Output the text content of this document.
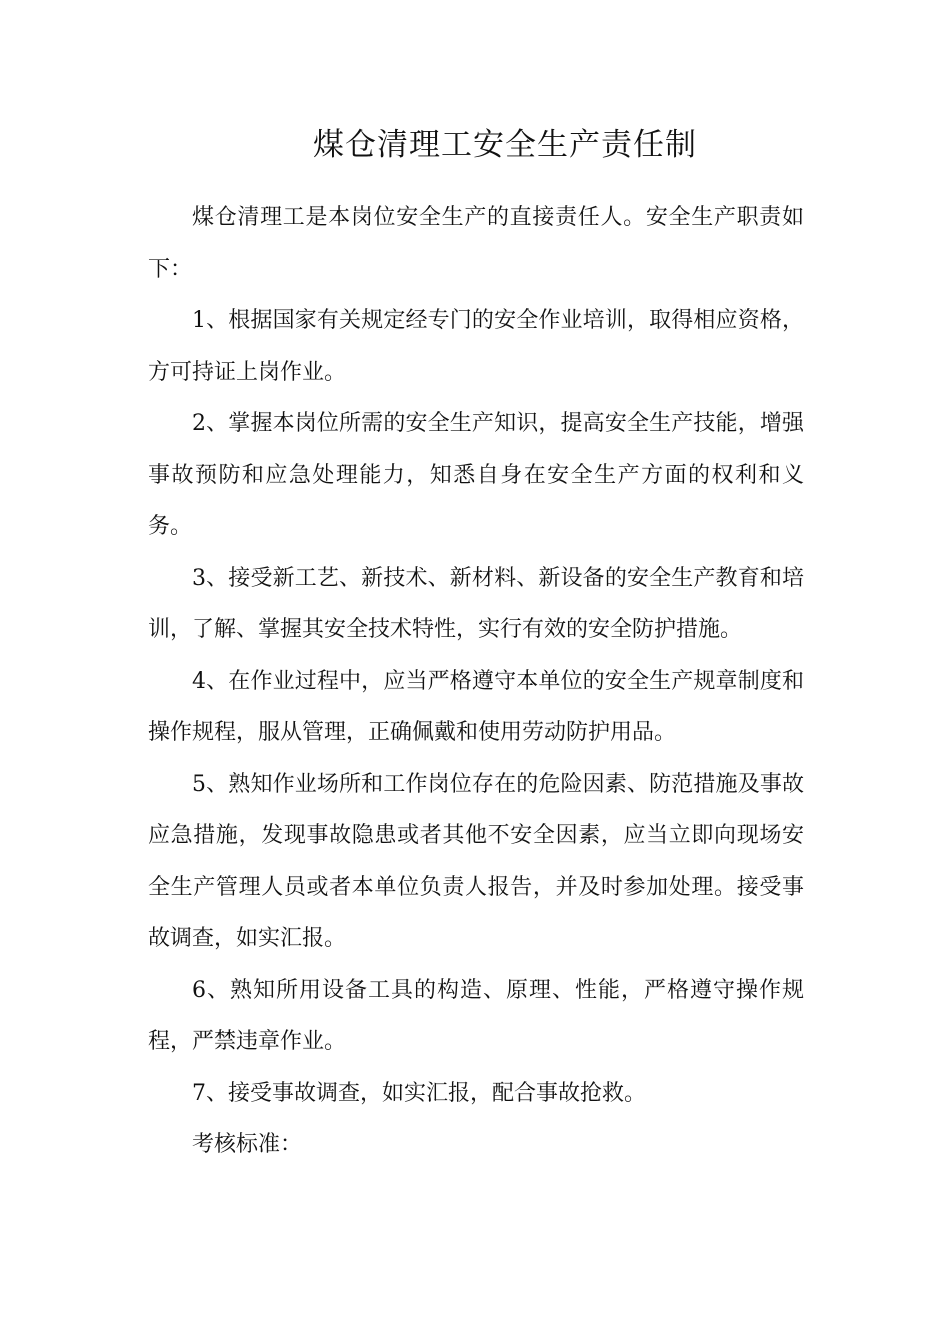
煤仓清理工安全生产责任制

煤仓清理工是本岗位安全生产的直接责任人。安全生产职责如下：

1、根据国家有关规定经专门的安全作业培训，取得相应资格，方可持证上岗作业。

2、掌握本岗位所需的安全生产知识，提高安全生产技能，增强事故预防和应急处理能力，知悉自身在安全生产方面的权利和义务。

3、接受新工艺、新技术、新材料、新设备的安全生产教育和培训，了解、掌握其安全技术特性，实行有效的安全防护措施。

4、在作业过程中，应当严格遵守本单位的安全生产规章制度和操作规程，服从管理，正确佩戴和使用劳动防护用品。

5、熟知作业场所和工作岗位存在的危险因素、防范措施及事故应急措施，发现事故隐患或者其他不安全因素，应当立即向现场安全生产管理人员或者本单位负责人报告，并及时参加处理。接受事故调查，如实汇报。

6、熟知所用设备工具的构造、原理、性能，严格遵守操作规程，严禁违章作业。

7、接受事故调查，如实汇报，配合事故抢救。

考核标准：
